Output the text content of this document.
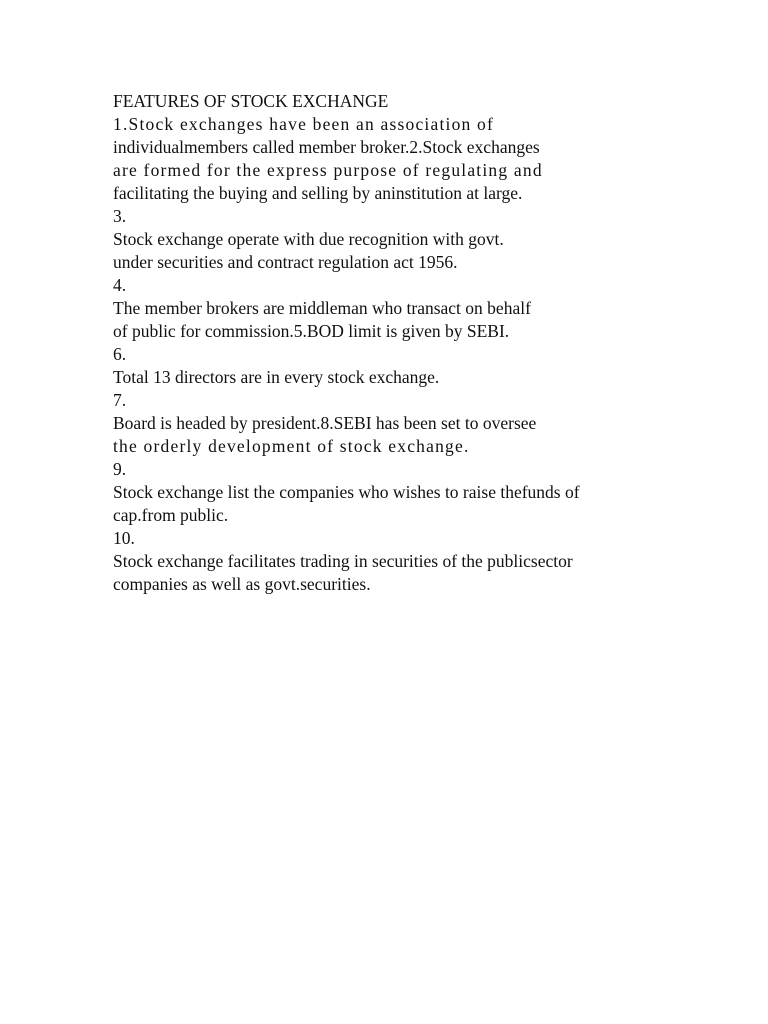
FEATURES OF STOCK EXCHANGE
1.Stock exchanges have been an association of
individualmembers called member broker.2.Stock exchanges
are formed for the express purpose of regulating and
facilitating the buying and selling by aninstitution at large.
3.
Stock exchange operate with due recognition with govt.
under securities and contract regulation act 1956.
4.
The member brokers are middleman who transact on behalf
of public for commission.5.BOD limit is given by SEBI.
6.
Total 13 directors are in every stock exchange.
7.
Board is headed by president.8.SEBI has been set to oversee
the orderly development of stock exchange.
9.
Stock exchange list the companies who wishes to raise thefunds of
cap.from public.
10.
Stock exchange facilitates trading in securities of the publicsector
companies as well as govt.securities.
